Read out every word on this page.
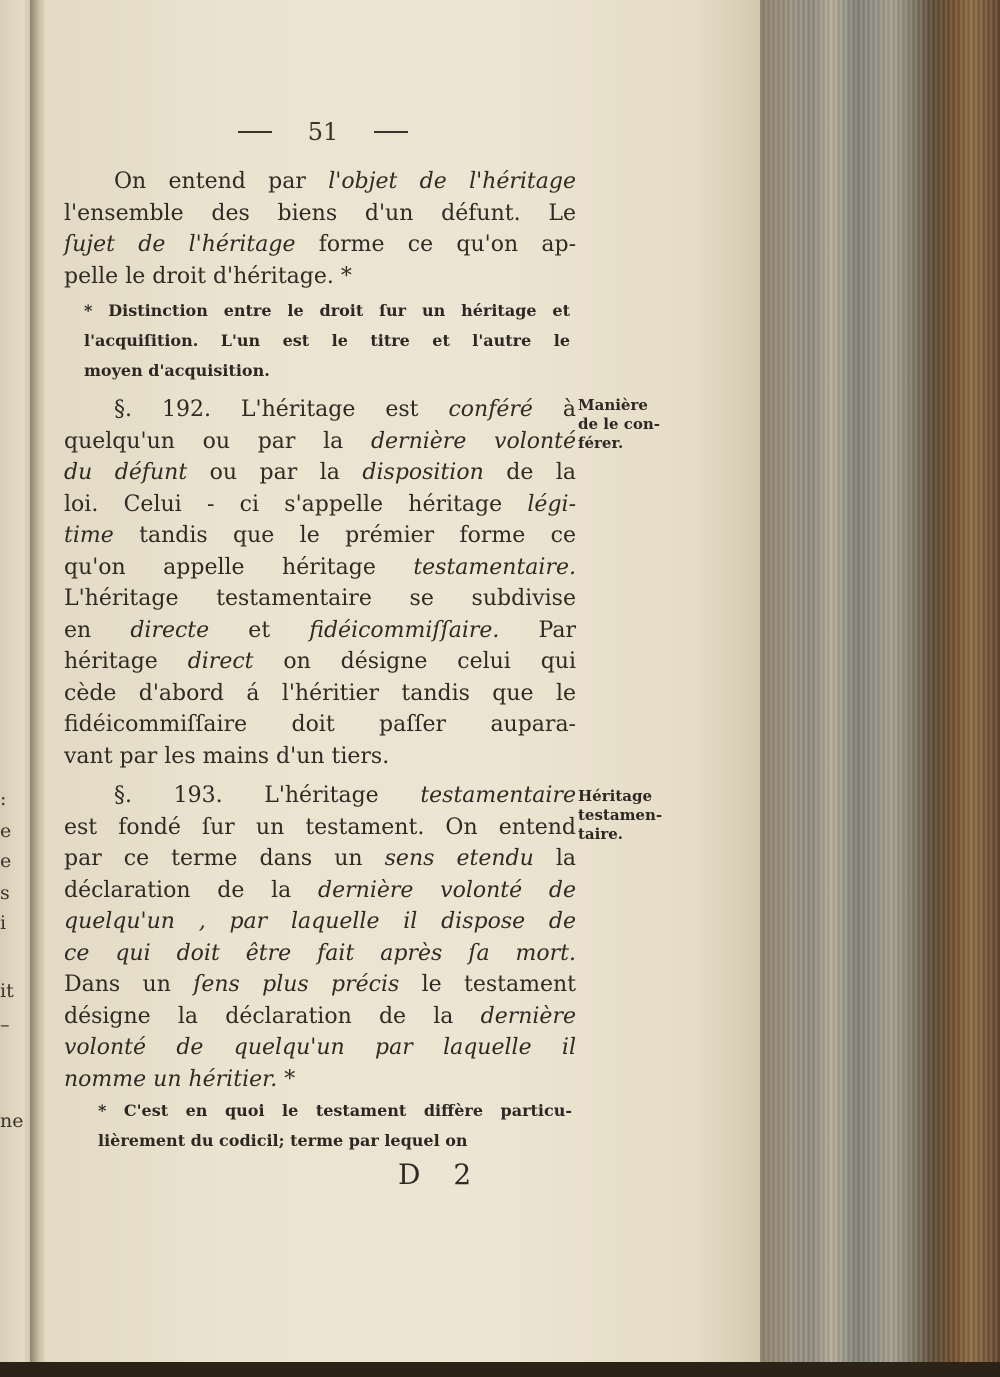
:
e
e
s
i
it
–
ne
51
On entend par l'objet de l'héritage
l'ensemble des biens d'un défunt. Le
ſujet de l'héritage forme ce qu'on ap-
pelle le droit d'héritage. *
* Distinction entre le droit ſur un héritage et
l'acquiſition. L'un est le titre et l'autre le
moyen d'acquisition.
§. 192. L'héritage est conféré à
quelqu'un ou par la dernière volonté
du défunt ou par la disposition de la
loi. Celui - ci s'appelle héritage légi-
time tandis que le prémier forme ce
qu'on appelle héritage testamentaire.
L'héritage testamentaire se subdivise
en directe et fidéicommiſſaire. Par
héritage direct on désigne celui qui
cède d'abord á l'héritier tandis que le
fidéicommiſſaire doit paſſer aupara-
vant par les mains d'un tiers.
Manière
de le con-
férer.
§. 193. L'héritage testamentaire
est fondé ſur un testament. On entend
par ce terme dans un sens etendu la
déclaration de la dernière volonté de
quelqu'un , par laquelle il dispose de
ce qui doit être fait après ſa mort.
Dans un ſens plus précis le testament
désigne la déclaration de la dernière
volonté de quelqu'un par laquelle il
nomme un héritier. *
Héritage
testamen-
taire.
* C'est en quoi le testament diffère particu-
lièrement du codicil; terme par lequel on
D 2
